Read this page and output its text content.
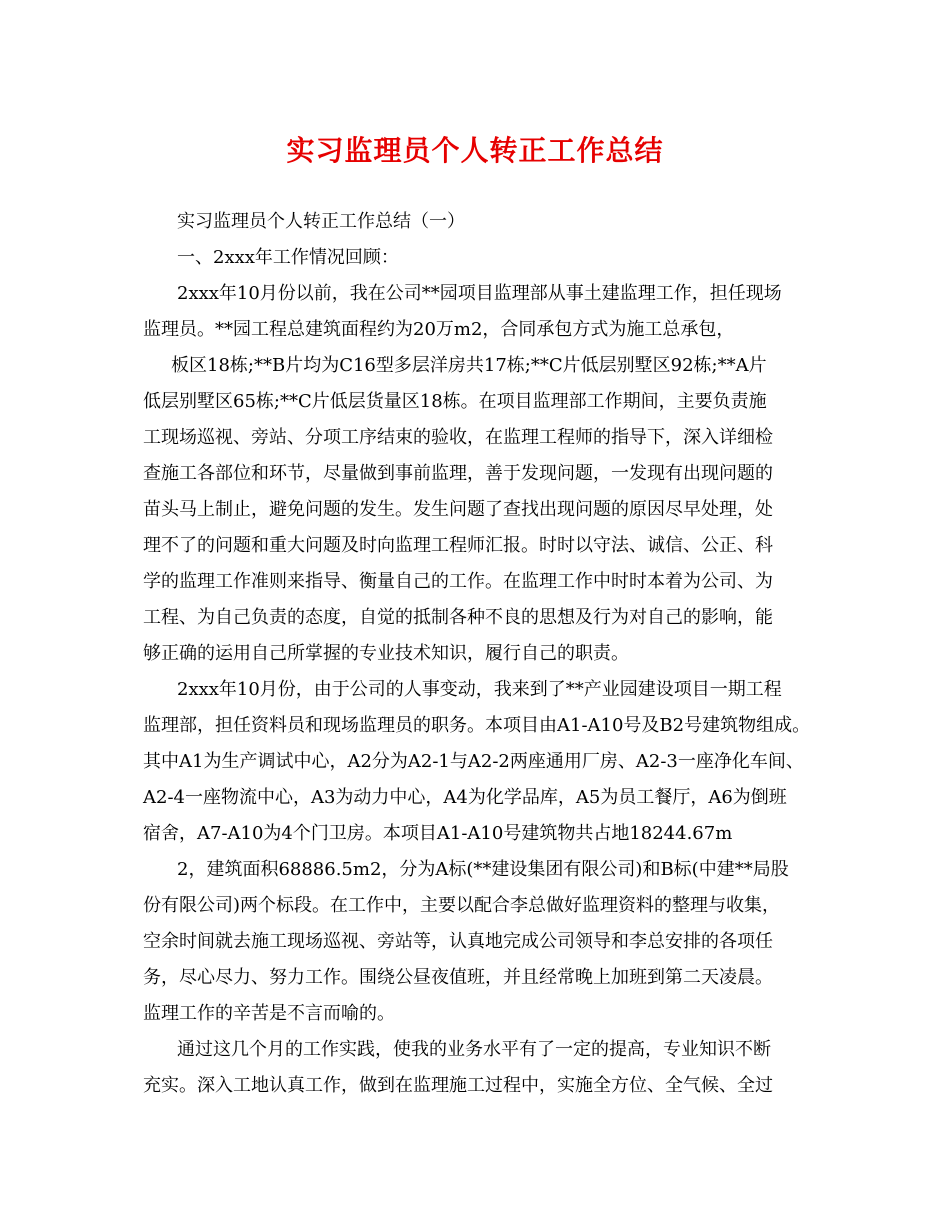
实习监理员个人转正工作总结
实习监理员个人转正工作总结（一）
一、2xxx年工作情况回顾：
2xxx年10月份以前，我在公司**园项目监理部从事土建监理工作，担任现场
监理员。**园工程总建筑面程约为20万m2，合同承包方式为施工总承包，
板区18栋;**B片均为C16型多层洋房共17栋;**C片低层别墅区92栋;**A片
低层别墅区65栋;**C片低层货量区18栋。在项目监理部工作期间，主要负责施
工现场巡视、旁站、分项工序结束的验收，在监理工程师的指导下，深入详细检
查施工各部位和环节，尽量做到事前监理，善于发现问题，一发现有出现问题的
苗头马上制止，避免问题的发生。发生问题了查找出现问题的原因尽早处理，处
理不了的问题和重大问题及时向监理工程师汇报。时时以守法、诚信、公正、科
学的监理工作准则来指导、衡量自己的工作。在监理工作中时时本着为公司、为
工程、为自己负责的态度，自觉的抵制各种不良的思想及行为对自己的影响，能
够正确的运用自己所掌握的专业技术知识，履行自己的职责。
2xxx年10月份，由于公司的人事变动，我来到了**产业园建设项目一期工程
监理部，担任资料员和现场监理员的职务。本项目由A1-A10号及B2号建筑物组成。
其中A1为生产调试中心，A2分为A2-1与A2-2两座通用厂房、A2-3一座净化车间、
A2-4一座物流中心，A3为动力中心，A4为化学品库，A5为员工餐厅，A6为倒班
宿舍，A7-A10为4个门卫房。本项目A1-A10号建筑物共占地18244.67m
2，建筑面积68886.5m2，分为A标(**建设集团有限公司)和B标(中建**局股
份有限公司)两个标段。在工作中，主要以配合李总做好监理资料的整理与收集，
空余时间就去施工现场巡视、旁站等，认真地完成公司领导和李总安排的各项任
务，尽心尽力、努力工作。围绕公昼夜值班，并且经常晚上加班到第二天凌晨。
监理工作的辛苦是不言而喻的。
通过这几个月的工作实践，使我的业务水平有了一定的提高，专业知识不断
充实。深入工地认真工作，做到在监理施工过程中，实施全方位、全气候、全过
